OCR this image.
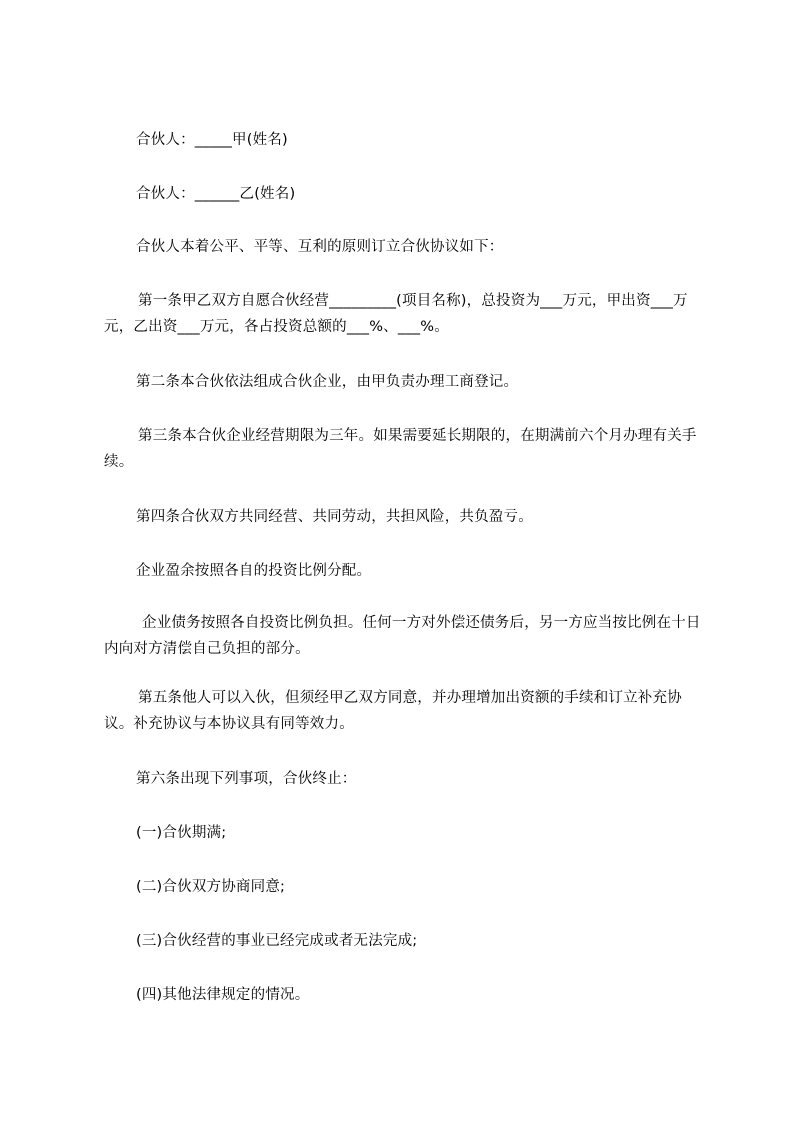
合伙人：_____甲(姓名)

合伙人：______乙(姓名)

合伙人本着公平、平等、互利的原则订立合伙协议如下：

第一条甲乙双方自愿合伙经营_________(项目名称)，总投资为___万元，甲出资___万元，乙出资___万元，各占投资总额的___%、___%。

第二条本合伙依法组成合伙企业，由甲负责办理工商登记。

第三条本合伙企业经营期限为三年。如果需要延长期限的，在期满前六个月办理有关手续。

第四条合伙双方共同经营、共同劳动，共担风险，共负盈亏。

企业盈余按照各自的投资比例分配。

企业债务按照各自投资比例负担。任何一方对外偿还债务后，另一方应当按比例在十日内向对方清偿自己负担的部分。

第五条他人可以入伙，但须经甲乙双方同意，并办理增加出资额的手续和订立补充协议。补充协议与本协议具有同等效力。

第六条出现下列事项，合伙终止：

(一)合伙期满;

(二)合伙双方协商同意;

(三)合伙经营的事业已经完成或者无法完成;

(四)其他法律规定的情况。
